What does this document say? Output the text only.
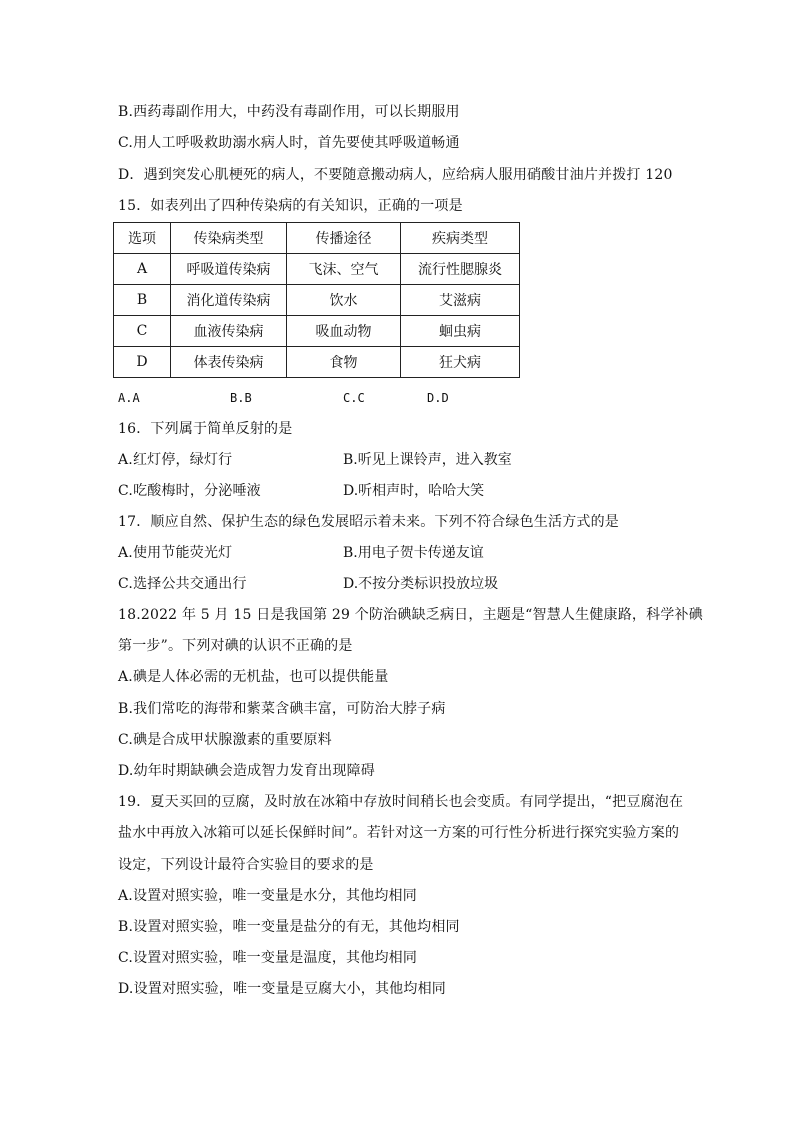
B.西药毒副作用大，中药没有毒副作用，可以长期服用
C.用人工呼吸救助溺水病人时，首先要使其呼吸道畅通
D．遇到突发心肌梗死的病人，不要随意搬动病人，应给病人服用硝酸甘油片并拨打 120
15．如表列出了四种传染病的有关知识，正确的一项是
选项	传染病类型	传播途径	疾病类型
A	呼吸道传染病	飞沫、空气	流行性腮腺炎
B	消化道传染病	饮水	艾滋病
C	血液传染病	吸血动物	蛔虫病
D	体表传染病	食物	狂犬病
A.A	B.B	C.C	D.D
16．下列属于简单反射的是
A.红灯停，绿灯行	B.听见上课铃声，进入教室
C.吃酸梅时，分泌唾液	D.听相声时，哈哈大笑
17．顺应自然、保护生态的绿色发展昭示着未来。下列不符合绿色生活方式的是
A.使用节能荧光灯	B.用电子贺卡传递友谊
C.选择公共交通出行	D.不按分类标识投放垃圾
18.2022 年 5 月 15 日是我国第 29 个防治碘缺乏病日，主题是“智慧人生健康路，科学补碘
第一步”。下列对碘的认识不正确的是
A.碘是人体必需的无机盐，也可以提供能量
B.我们常吃的海带和紫菜含碘丰富，可防治大脖子病
C.碘是合成甲状腺激素的重要原料
D.幼年时期缺碘会造成智力发育出现障碍
19．夏天买回的豆腐，及时放在冰箱中存放时间稍长也会变质。有同学提出，“把豆腐泡在
盐水中再放入冰箱可以延长保鲜时间”。若针对这一方案的可行性分析进行探究实验方案的
设定，下列设计最符合实验目的要求的是
A.设置对照实验，唯一变量是水分，其他均相同
B.设置对照实验，唯一变量是盐分的有无，其他均相同
C.设置对照实验，唯一变量是温度，其他均相同
D.设置对照实验，唯一变量是豆腐大小，其他均相同
